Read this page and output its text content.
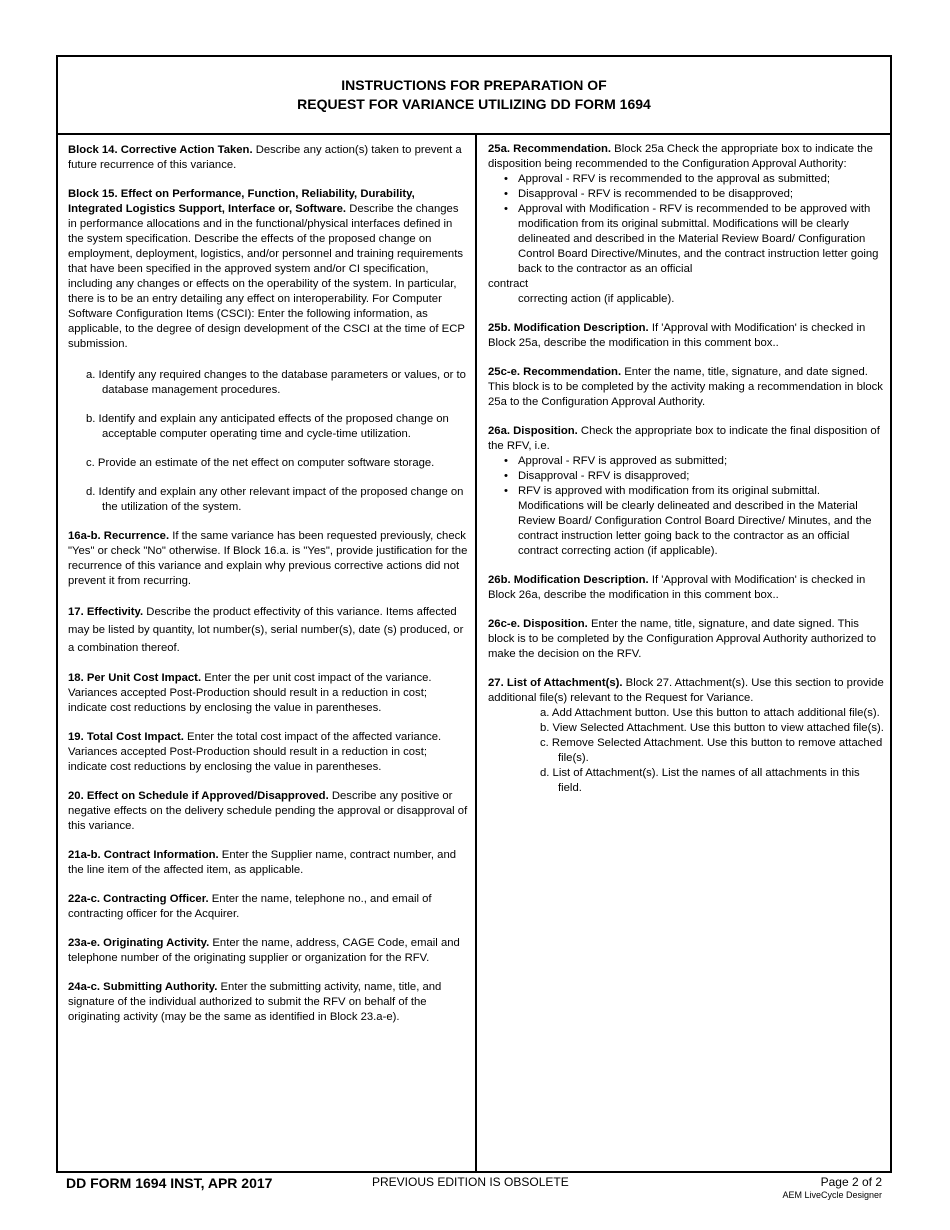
INSTRUCTIONS FOR PREPARATION OF
REQUEST FOR VARIANCE UTILIZING DD FORM 1694

Block 14. Corrective Action Taken. Describe any action(s) taken to prevent a future recurrence of this variance.

Block 15. Effect on Performance, Function, Reliability, Durability, Integrated Logistics Support, Interface or, Software. Describe the changes in performance allocations and in the functional/physical interfaces defined in the system specification. Describe the effects of the proposed change on employment, deployment, logistics, and/or personnel and training requirements that have been specified in the approved system and/or CI specification, including any changes or effects on the operability of the system. In particular, there is to be an entry detailing any effect on interoperability. For Computer Software Configuration Items (CSCI): Enter the following information, as applicable, to the degree of design development of the CSCI at the time of ECP submission.

a. Identify any required changes to the database parameters or values, or to database management procedures.
b. Identify and explain any anticipated effects of the proposed change on acceptable computer operating time and cycle-time utilization.
c. Provide an estimate of the net effect on computer software storage.
d. Identify and explain any other relevant impact of the proposed change on the utilization of the system.

16a-b. Recurrence. If the same variance has been requested previously, check "Yes" or check "No" otherwise. If Block 16.a. is "Yes", provide justification for the recurrence of this variance and explain why previous corrective actions did not prevent it from recurring.

17. Effectivity. Describe the product effectivity of this variance. Items affected may be listed by quantity, lot number(s), serial number(s), date (s) produced, or a combination thereof.

18. Per Unit Cost Impact. Enter the per unit cost impact of the variance. Variances accepted Post-Production should result in a reduction in cost; indicate cost reductions by enclosing the value in parentheses.

19. Total Cost Impact. Enter the total cost impact of the affected variance. Variances accepted Post-Production should result in a reduction in cost; indicate cost reductions by enclosing the value in parentheses.

20. Effect on Schedule if Approved/Disapproved. Describe any positive or negative effects on the delivery schedule pending the approval or disapproval of this variance.

21a-b. Contract Information. Enter the Supplier name, contract number, and the line item of the affected item, as applicable.

22a-c. Contracting Officer. Enter the name, telephone no., and email of contracting officer for the Acquirer.

23a-e. Originating Activity. Enter the name, address, CAGE Code, email and telephone number of the originating supplier or organization for the RFV.

24a-c. Submitting Authority. Enter the submitting activity, name, title, and signature of the individual authorized to submit the RFV on behalf of the originating activity (may be the same as identified in Block 23.a-e).

25a. Recommendation. Block 25a Check the appropriate box to indicate the disposition being recommended to the Configuration Approval Authority:
• Approval - RFV is recommended to the approval as submitted;
• Disapproval - RFV is recommended to be disapproved;
• Approval with Modification - RFV is recommended to be approved with modification from its original submittal. Modifications will be clearly delineated and described in the Material Review Board/ Configuration Control Board Directive/Minutes, and the contract instruction letter going back to the contractor as an official
contract
correcting action (if applicable).

25b. Modification Description. If 'Approval with Modification' is checked in Block 25a, describe the modification in this comment box..

25c-e. Recommendation. Enter the name, title, signature, and date signed. This block is to be completed by the activity making a recommendation in block 25a to the Configuration Approval Authority.

26a. Disposition. Check the appropriate box to indicate the final disposition of the RFV, i.e.
• Approval - RFV is approved as submitted;
• Disapproval - RFV is disapproved;
• RFV is approved with modification from its original submittal. Modifications will be clearly delineated and described in the Material Review Board/ Configuration Control Board Directive/ Minutes, and the contract instruction letter going back to the contractor as an official contract correcting action (if applicable).

26b. Modification Description. If 'Approval with Modification' is checked in Block 26a, describe the modification in this comment box..

26c-e. Disposition. Enter the name, title, signature, and date signed. This block is to be completed by the Configuration Approval Authority authorized to make the decision on the RFV.

27. List of Attachment(s). Block 27. Attachment(s). Use this section to provide additional file(s) relevant to the Request for Variance.
a. Add Attachment button. Use this button to attach additional file(s).
b. View Selected Attachment. Use this button to view attached file(s).
c. Remove Selected Attachment. Use this button to remove attached file(s).
d. List of Attachment(s). List the names of all attachments in this field.
DD FORM 1694 INST, APR 2017	PREVIOUS EDITION IS OBSOLETE	Page 2 of 2
AEM LiveCycle Designer
